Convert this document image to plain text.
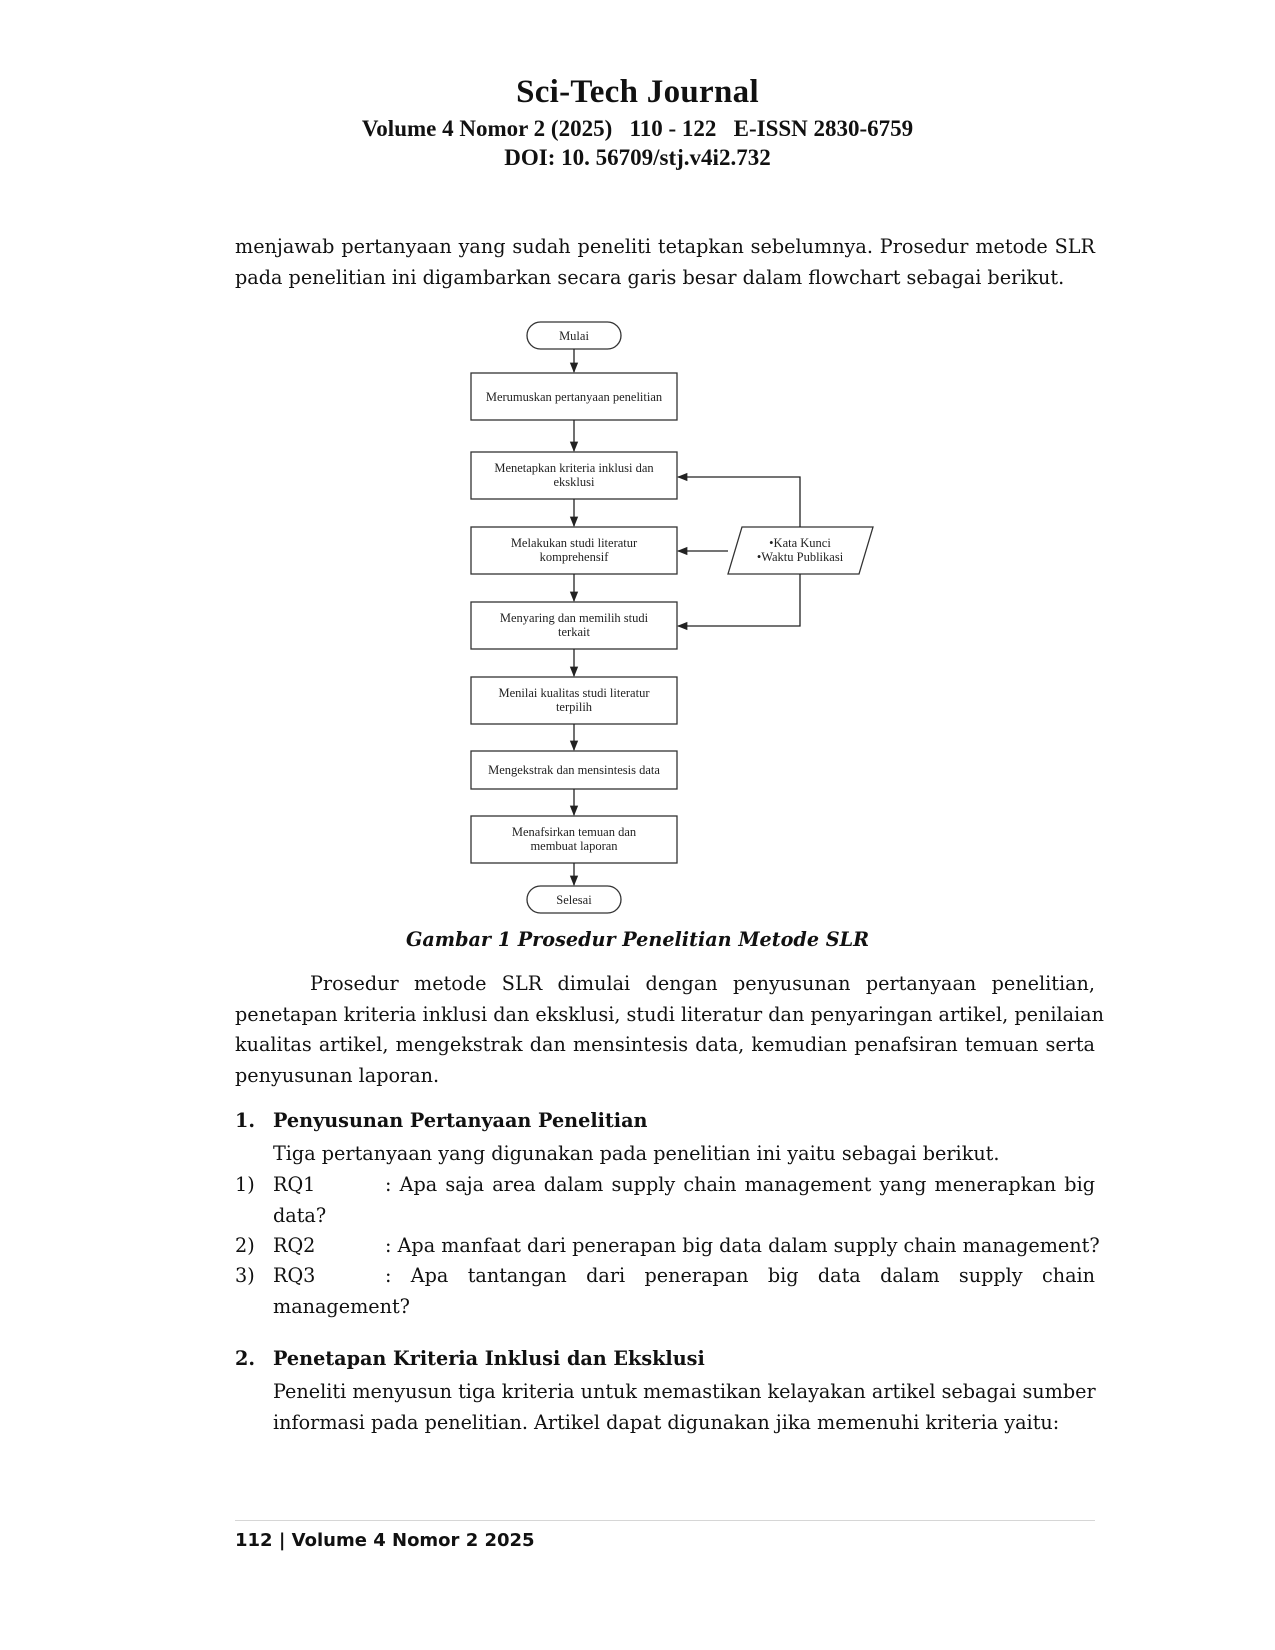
Sci-Tech Journal
Volume 4 Nomor 2 (2025)   110 - 122   E-ISSN 2830-6759
DOI: 10. 56709/stj.v4i2.732
menjawab pertanyaan yang sudah peneliti tetapkan sebelumnya. Prosedur metode SLR
pada penelitian ini digambarkan secara garis besar dalam flowchart sebagai berikut.
Mulai
Merumuskan pertanyaan penelitian
Menetapkan kriteria inklusi dan
eksklusi
Melakukan studi literatur
komprehensif
Menyaring dan memilih studi
terkait
Menilai kualitas studi literatur
terpilih
Mengekstrak dan mensintesis data
Menafsirkan temuan dan
membuat laporan
Selesai
•Kata Kunci
•Waktu Publikasi
Gambar 1 Prosedur Penelitian Metode SLR
Prosedur metode SLR dimulai dengan penyusunan pertanyaan penelitian,
penetapan kriteria inklusi dan eksklusi, studi literatur dan penyaringan artikel, penilaian
kualitas artikel, mengekstrak dan mensintesis data, kemudian penafsiran temuan serta
penyusunan laporan.
1. Penyusunan Pertanyaan Penelitian
Tiga pertanyaan yang digunakan pada penelitian ini yaitu sebagai berikut.
1) RQ1	: Apa saja area dalam supply chain management yang menerapkan big
data?
2) RQ2	: Apa manfaat dari penerapan big data dalam supply chain management?
3) RQ3	: Apa tantangan dari penerapan big data dalam supply chain
management?
2. Penetapan Kriteria Inklusi dan Eksklusi
Peneliti menyusun tiga kriteria untuk memastikan kelayakan artikel sebagai sumber
informasi pada penelitian. Artikel dapat digunakan jika memenuhi kriteria yaitu:
112 | Volume 4 Nomor 2 2025
